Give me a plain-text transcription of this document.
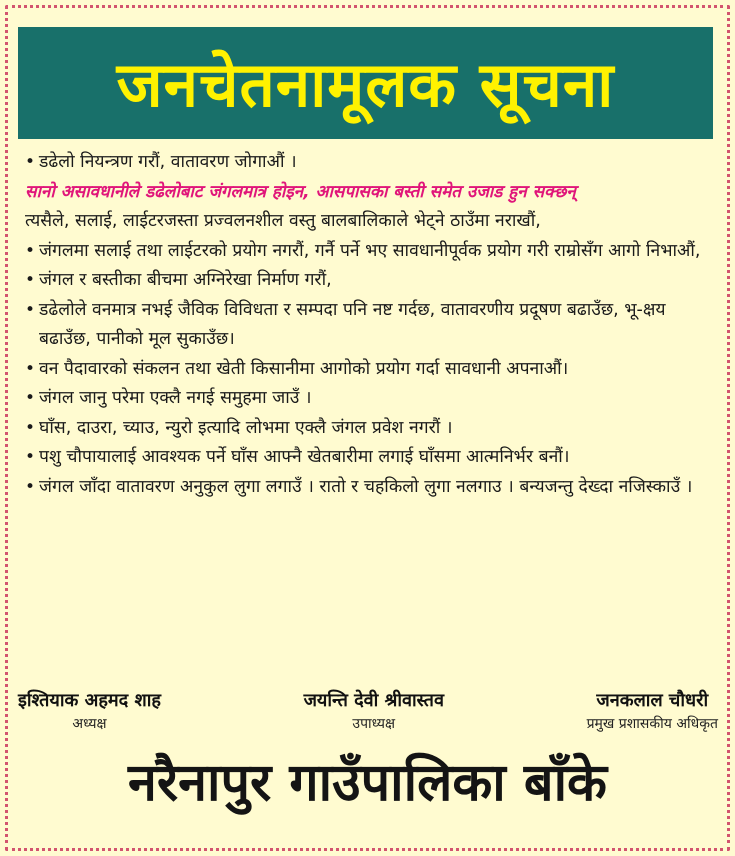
जनचेतनामूलक सूचना
• डढेलो नियन्त्रण गरौं, वातावरण जोगाऔं ।
सानो असावधानीले डढेलोबाट जंगलमात्र होइन, आसपासका बस्ती समेत उजाड हुन सक्छन्
त्यसैले, सलाई, लाईटरजस्ता प्रज्वलनशील वस्तु बालबालिकाले भेट्ने ठाउँमा नराखौं,
• जंगलमा सलाई तथा लाईटरको प्रयोग नगरौं, गर्नै पर्ने भए सावधानीपूर्वक प्रयोग गरी राम्रोसँग आगो निभाऔं,
• जंगल र बस्तीका बीचमा अग्निरेखा निर्माण गरौं,
• डढेलोले वनमात्र नभई जैविक विविधता र सम्पदा पनि नष्ट गर्दछ, वातावरणीय प्रदूषण बढाउँछ, भू-क्षय बढाउँछ, पानीको मूल सुकाउँछ।
• वन पैदावारको संकलन तथा खेती किसानीमा आगोको प्रयोग गर्दा सावधानी अपनाऔं।
• जंगल जानु परेमा एक्लै नगई समुहमा जाउँ ।
• घाँस, दाउरा, च्याउ, न्युरो इत्यादि लोभमा एक्लै जंगल प्रवेश नगरौं ।
• पशु चौपायालाई आवश्यक पर्ने घाँस आफ्नै खेतबारीमा लगाई घाँसमा आत्मनिर्भर बनौं।
• जंगल जाँदा वातावरण अनुकुल लुगा लगाउँ । रातो र चहकिलो लुगा नलगाउ । बन्यजन्तु देख्दा नजिस्काउँ ।
इश्तियाक अहमद शाह
अध्यक्ष
जयन्ति देवी श्रीवास्तव
उपाध्यक्ष
जनकलाल चौधरी
प्रमुख प्रशासकीय अधिकृत
नरैनापुर गाउँपालिका बाँके
